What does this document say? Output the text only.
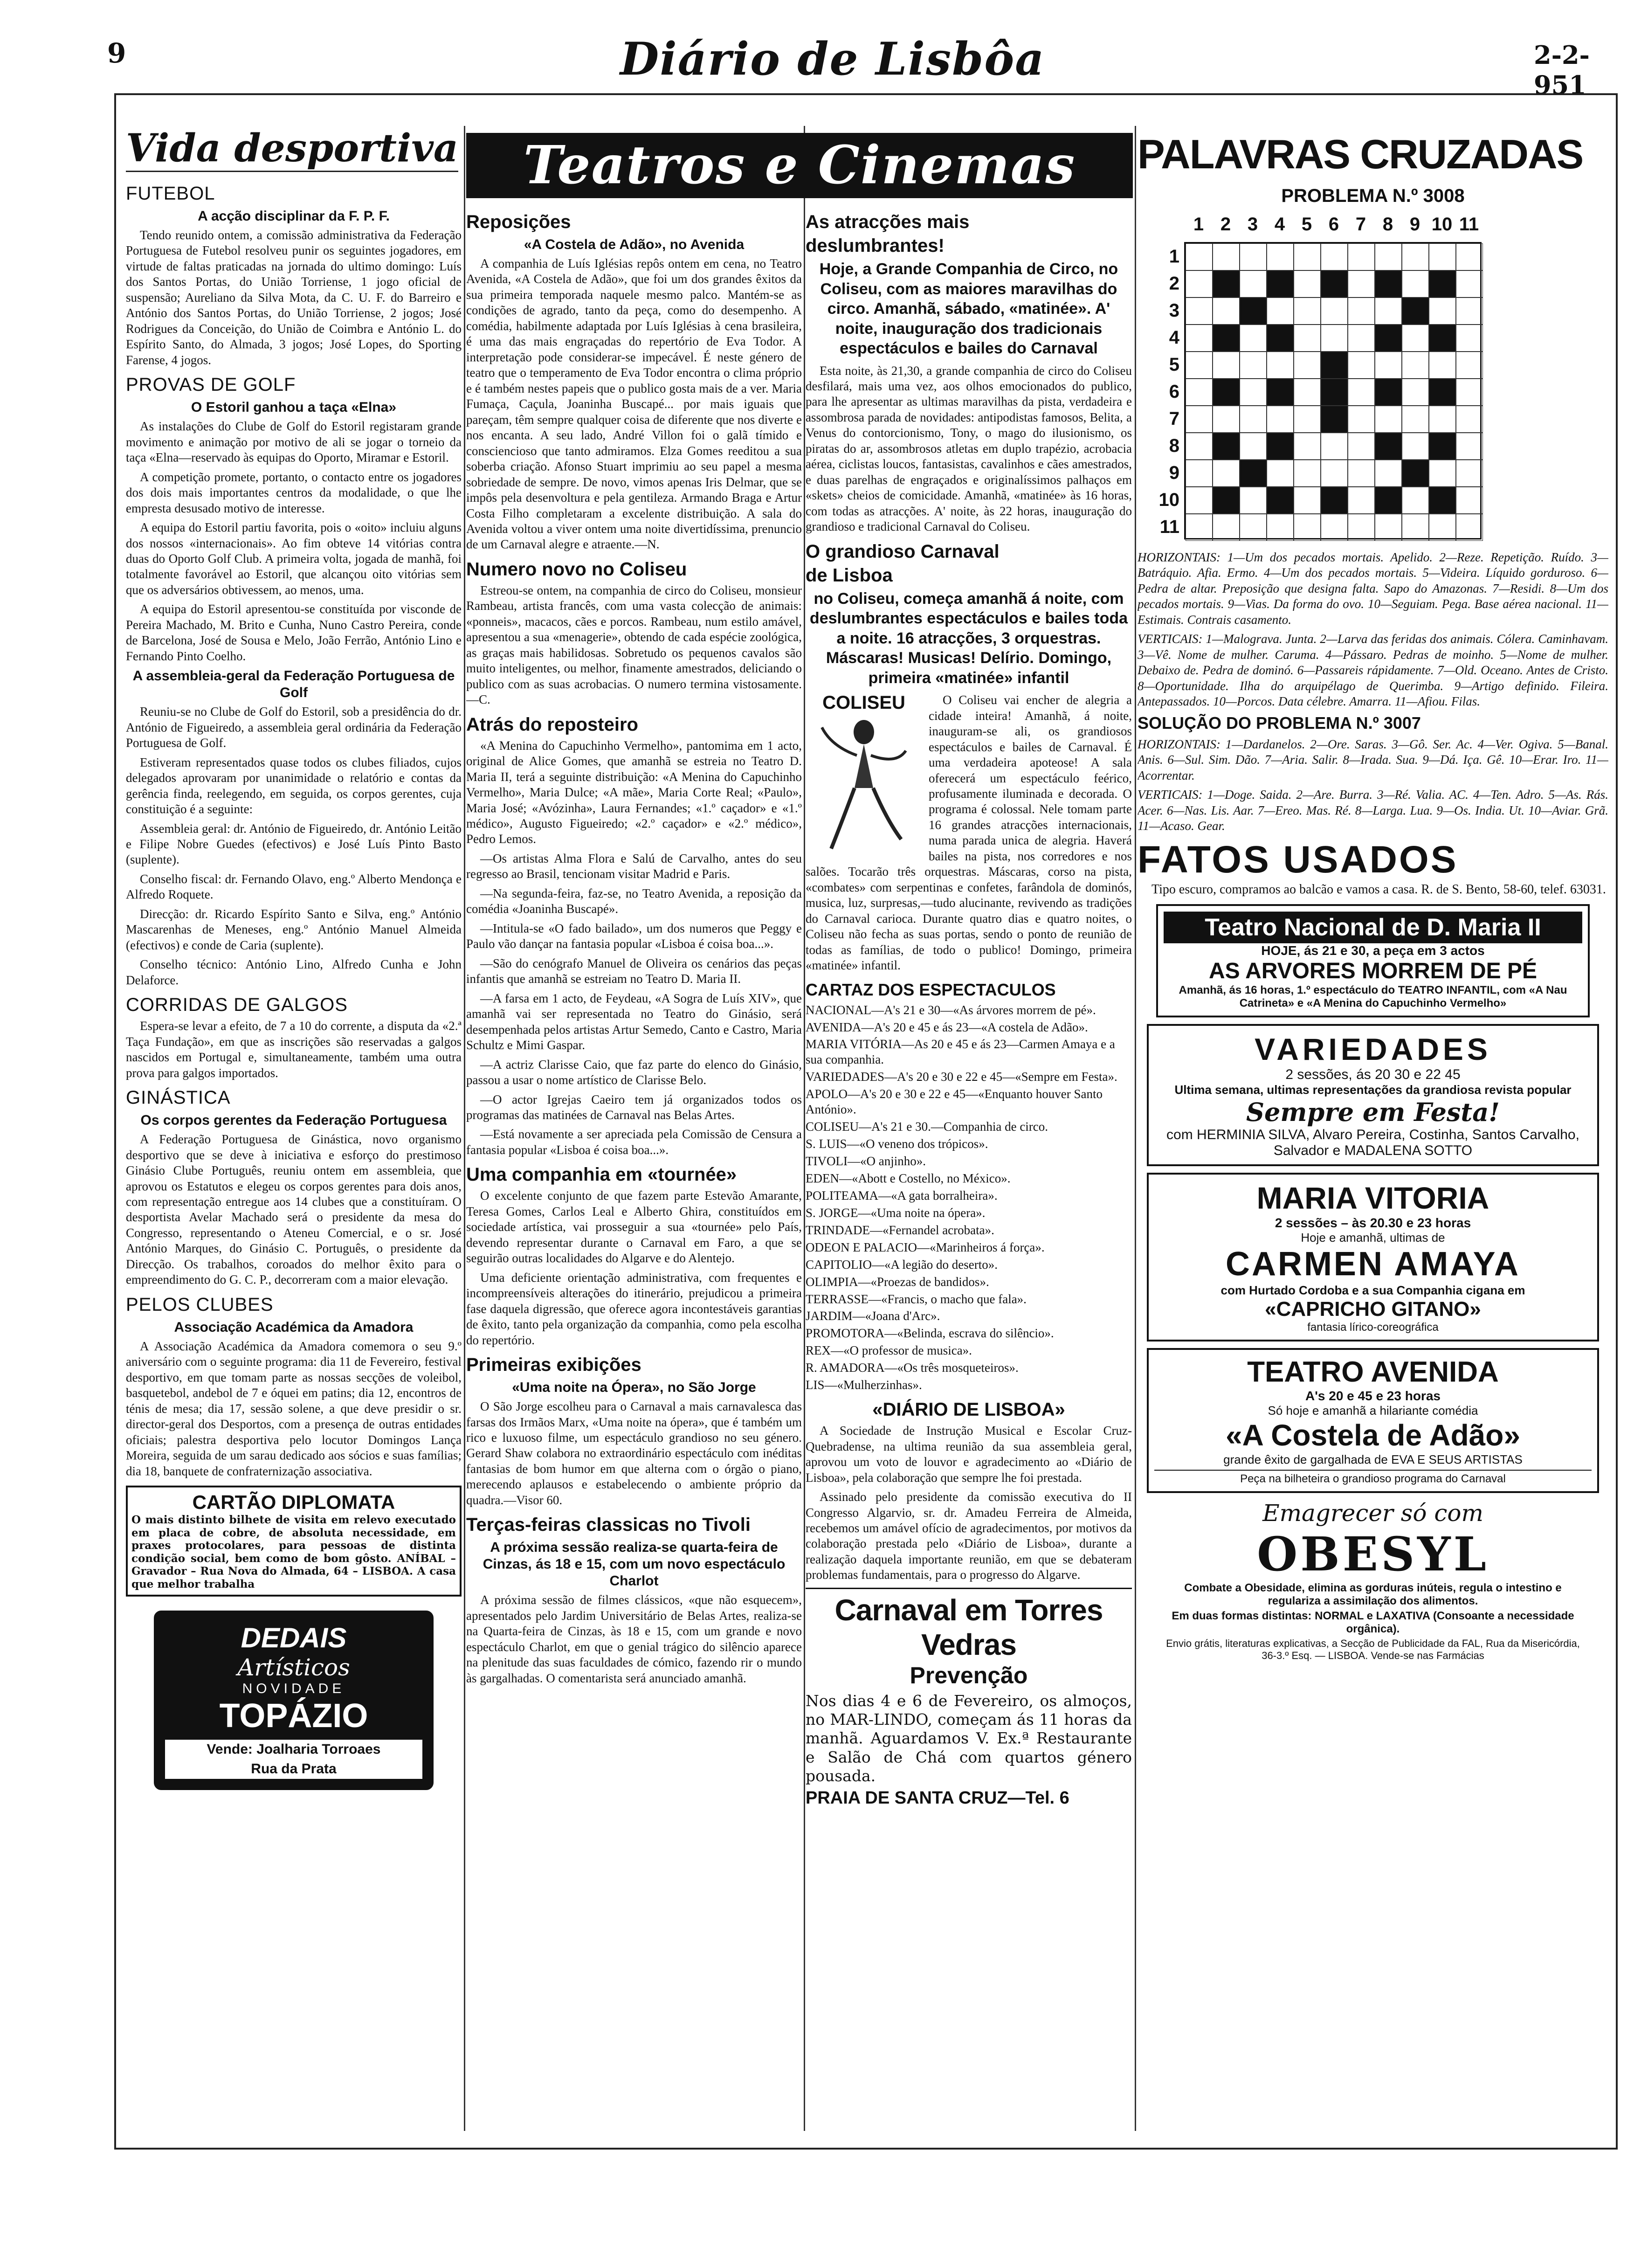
9	Diário de Lisbôa	2-2-951
Vida desportiva
FUTEBOL
A acção disciplinar da F. P. F.

Tendo reunido ontem, a comissão administrativa da Federação Portuguesa de Futebol resolveu punir os seguintes jogadores, em virtude de faltas praticadas na jornada do ultimo domingo: Luís dos Santos Portas, do União Torriense, 1 jogo oficial de suspensão; Aureliano da Silva Mota, da C. U. F. do Barreiro e António dos Santos Portas, do União Torriense, 2 jogos; José Rodrigues da Conceição, do União de Coimbra e António L. do Espírito Santo, do Almada, 3 jogos; José Lopes, do Sporting Farense, 4 jogos.

PROVAS DE GOLF
O Estoril ganhou a taça «Elna»

As instalações do Clube de Golf do Estoril registaram grande movimento e animação por motivo de ali se jogar o torneio da taça «Elna—reservado às equipas do Oporto, Miramar e Estoril.

A competição promete, portanto, o contacto entre os jogadores dos dois mais importantes centros da modalidade, o que lhe empresta desusado motivo de interesse.

A equipa do Estoril partiu favorita, pois o «oito» incluiu alguns dos nossos «internacionais». Ao fim obteve 14 vitórias contra duas do Oporto Golf Club. A primeira volta, jogada de manhã, foi totalmente favorável ao Estoril, que alcançou oito vitórias sem que os adversários obtivessem, ao menos, uma.

A equipa do Estoril apresentou-se constituída por visconde de Pereira Machado, M. Brito e Cunha, Nuno Castro Pereira, conde de Barcelona, José de Sousa e Melo, João Ferrão, António Lino e Fernando Pinto Coelho.

A assembleia-geral da Federação Portuguesa de Golf

Reuniu-se no Clube de Golf do Estoril, sob a presidência do dr. António de Figueiredo, a assembleia geral ordinária da Federação Portuguesa de Golf.

Estiveram representados quase todos os clubes filiados, cujos delegados aprovaram por unanimidade o relatório e contas da gerência finda, reelegendo, em seguida, os corpos gerentes, cuja constituição é a seguinte:

Assembleia geral: dr. António de Figueiredo, dr. António Leitão e Filipe Nobre Guedes (efectivos) e José Luís Pinto Basto (suplente).

Conselho fiscal: dr. Fernando Olavo, eng.º Alberto Mendonça e Alfredo Roquete.

Direcção: dr. Ricardo Espírito Santo e Silva, eng.º António Mascarenhas de Meneses, eng.º António Manuel Almeida (efectivos) e conde de Caria (suplente).

Conselho técnico: António Lino, Alfredo Cunha e John Delaforce.

CORRIDAS DE GALGOS

Espera-se levar a efeito, de 7 a 10 do corrente, a disputa da «2.ª Taça Fundação», em que as inscrições são reservadas a galgos nascidos em Portugal e, simultaneamente, também uma outra prova para galgos importados.

GINÁSTICA
Os corpos gerentes da Federação Portuguesa

A Federação Portuguesa de Ginástica, novo organismo desportivo que se deve à iniciativa e esforço do prestimoso Ginásio Clube Português, reuniu ontem em assembleia, que aprovou os Estatutos e elegeu os corpos gerentes para dois anos, com representação entregue aos 14 clubes que a constituíram. O desportista Avelar Machado será o presidente da mesa do Congresso, representando o Ateneu Comercial, e o sr. José António Marques, do Ginásio C. Português, o presidente da Direcção. Os trabalhos, coroados do melhor êxito para o empreendimento do G. C. P., decorreram com a maior elevação.

PELOS CLUBES
Associação Académica da Amadora

A Associação Académica da Amadora comemora o seu 9.º aniversário com o seguinte programa: dia 11 de Fevereiro, festival desportivo, em que tomam parte as nossas secções de voleibol, basquetebol, andebol de 7 e óquei em patins; dia 12, encontros de ténis de mesa; dia 17, sessão solene, a que deve presidir o sr. director-geral dos Desportos, com a presença de outras entidades oficiais; palestra desportiva pelo locutor Domingos Lança Moreira, seguida de um sarau dedicado aos sócios e suas famílias; dia 18, banquete de confraternização associativa.

CARTÃO DIPLOMATA
O mais distinto bilhete de visita em relevo executado em placa de cobre, de absoluta necessidade, em praxes protocolares, para pessoas de distinta condição social, bem como de bom gôsto. ANÍBAL – Gravador – Rua Nova do Almada, 64 – LISBOA. A casa que melhor trabalha
DEDAIS
Artísticos
NOVIDADE
TOPÁZIO
Vende: Joalharia Torroaes
Rua da Prata
Teatros e Cinemas
Reposições
«A Costela de Adão», no Avenida

A companhia de Luís Iglésias repôs ontem em cena, no Teatro Avenida, «A Costela de Adão», que foi um dos grandes êxitos da sua primeira temporada naquele mesmo palco. Mantém-se as condições de agrado, tanto da peça, como do desempenho. A comédia, habilmente adaptada por Luís Iglésias à cena brasileira, é uma das mais engraçadas do repertório de Eva Todor. A interpretação pode considerar-se impecável. É neste género de teatro que o temperamento de Eva Todor encontra o clima próprio e é também nestes papeis que o publico gosta mais de a ver. Maria Fumaça, Caçula, Joaninha Buscapé... por mais iguais que pareçam, têm sempre qualquer coisa de diferente que nos diverte e nos encanta. A seu lado, André Villon foi o galã tímido e consciencioso que tanto admiramos. Elza Gomes reeditou a sua soberba criação. Afonso Stuart imprimiu ao seu papel a mesma sobriedade de sempre. De novo, vimos apenas Iris Delmar, que se impôs pela desenvoltura e pela gentileza. Armando Braga e Artur Costa Filho completaram a excelente distribuição. A sala do Avenida voltou a viver ontem uma noite divertidíssima, prenuncio de um Carnaval alegre e atraente.—N.

Numero novo no Coliseu

Estreou-se ontem, na companhia de circo do Coliseu, monsieur Rambeau, artista francês, com uma vasta colecção de animais: «ponneis», macacos, cães e porcos. Rambeau, num estilo amável, apresentou a sua «menagerie», obtendo de cada espécie zoológica, as graças mais habilidosas. Sobretudo os pequenos cavalos são muito inteligentes, ou melhor, finamente amestrados, deliciando o publico com as suas acrobacias. O numero termina vistosamente.—C.

Atrás do reposteiro

«A Menina do Capuchinho Vermelho», pantomima em 1 acto, original de Alice Gomes, que amanhã se estreia no Teatro D. Maria II, terá a seguinte distribuição: «A Menina do Capuchinho Vermelho», Maria Dulce; «A mãe», Maria Corte Real; «Paulo», Maria José; «Avózinha», Laura Fernandes; «1.º caçador» e «1.º médico», Augusto Figueiredo; «2.º caçador» e «2.º médico», Pedro Lemos.

—Os artistas Alma Flora e Salú de Carvalho, antes do seu regresso ao Brasil, tencionam visitar Madrid e Paris.

—Na segunda-feira, faz-se, no Teatro Avenida, a reposição da comédia «Joaninha Buscapé».

—Intitula-se «O fado bailado», um dos numeros que Peggy e Paulo vão dançar na fantasia popular «Lisboa é coisa boa...».

—São do cenógrafo Manuel de Oliveira os cenários das peças infantis que amanhã se estreiam no Teatro D. Maria II.

—A farsa em 1 acto, de Feydeau, «A Sogra de Luís XIV», que amanhã vai ser representada no Teatro do Ginásio, será desempenhada pelos artistas Artur Semedo, Canto e Castro, Maria Schultz e Mimi Gaspar.

—A actriz Clarisse Caio, que faz parte do elenco do Ginásio, passou a usar o nome artístico de Clarisse Belo.

—O actor Igrejas Caeiro tem já organizados todos os programas das matinées de Carnaval nas Belas Artes.

—Está novamente a ser apreciada pela Comissão de Censura a fantasia popular «Lisboa é coisa boa...».

Uma companhia em «tournée»

O excelente conjunto de que fazem parte Estevão Amarante, Teresa Gomes, Carlos Leal e Alberto Ghira, constituídos em sociedade artística, vai prosseguir a sua «tournée» pelo País, devendo representar durante o Carnaval em Faro, a que se seguirão outras localidades do Algarve e do Alentejo.

Uma deficiente orientação administrativa, com frequentes e incompreensíveis alterações do itinerário, prejudicou a primeira fase daquela digressão, que oferece agora incontestáveis garantias de êxito, tanto pela organização da companhia, como pela escolha do repertório.

Primeiras exibições
«Uma noite na Ópera», no São Jorge

O São Jorge escolheu para o Carnaval a mais carnavalesca das farsas dos Irmãos Marx, «Uma noite na ópera», que é também um rico e luxuoso filme, um espectáculo grandioso no seu género. Gerard Shaw colabora no extraordinário espectáculo com inéditas fantasias de bom humor em que alterna com o órgão o piano, merecendo aplausos e estabelecendo o ambiente próprio da quadra.—Visor 60.

Terças-feiras classicas no Tivoli
A próxima sessão realiza-se quarta-feira de Cinzas, ás 18 e 15, com um novo espectáculo Charlot

A próxima sessão de filmes clássicos, «que não esquecem», apresentados pelo Jardim Universitário de Belas Artes, realiza-se na Quarta-feira de Cinzas, às 18 e 15, com um grande e novo espectáculo Charlot, em que o genial trágico do silêncio aparece na plenitude das suas faculdades de cómico, fazendo rir o mundo às gargalhadas. O comentarista será anunciado amanhã.

As atracções mais
deslumbrantes!
Hoje, a Grande Companhia de Circo, no Coliseu, com as maiores maravilhas do circo. Amanhã, sábado, «matinée». A' noite, inauguração dos tradicionais espectáculos e bailes do Carnaval

Esta noite, às 21,30, a grande companhia de circo do Coliseu desfilará, mais uma vez, aos olhos emocionados do publico, para lhe apresentar as ultimas maravilhas da pista, verdadeira e assombrosa parada de novidades: antipodistas famosos, Belita, a Venus do contorcionismo, Tony, o mago do ilusionismo, os piratas do ar, assombrosos atletas em duplo trapézio, acrobacia aérea, ciclistas loucos, fantasistas, cavalinhos e cães amestrados, e duas parelhas de engraçados e originalíssimos palhaços em «skets» cheios de comicidade. Amanhã, «matinée» às 16 horas, com todas as atracções. A' noite, às 22 horas, inauguração do grandioso e tradicional Carnaval do Coliseu.

O grandioso Carnaval
de Lisboa
no Coliseu, começa amanhã á noite, com deslumbrantes espectáculos e bailes toda a noite. 16 atracções, 3 orquestras. Máscaras! Musicas! Delírio. Domingo, primeira «matinée» infantil
COLISEU	O Coliseu vai encher de alegria a cidade inteira! Amanhã, á noite, inauguram-se ali, os grandiosos espectáculos e bailes de Carnaval. É uma verdadeira apoteose! A sala oferecerá um espectáculo feérico, profusamente iluminada e decorada. O programa é colossal. Nele tomam parte 16 grandes atracções internacionais, numa parada unica de alegria. Haverá bailes na pista, nos corredores e nos salões. Tocarão três orquestras. Máscaras, corso na pista, «combates» com serpentinas e confetes, farândola de dominós, musica, luz, surpresas,—tudo alucinante, revivendo as tradições do Carnaval carioca. Durante quatro dias e quatro noites, o Coliseu não fecha as suas portas, sendo o ponto de reunião de todas as famílias, de todo o publico! Domingo, primeira «matinée» infantil.

CARTAZ DOS ESPECTACULOS

NACIONAL—A's 21 e 30—«As árvores morrem de pé».

AVENIDA—A's 20 e 45 e ás 23—«A costela de Adão».

MARIA VITÓRIA—As 20 e 45 e ás 23—Carmen Amaya e a sua companhia.

VARIEDADES—A's 20 e 30 e 22 e 45—«Sempre em Festa».

APOLO—A's 20 e 30 e 22 e 45—«Enquanto houver Santo António».

COLISEU—A's 21 e 30.—Companhia de circo.

S. LUIS—«O veneno dos trópicos».

TIVOLI—«O anjinho».

EDEN—«Abott e Costello, no México».

POLITEAMA—«A gata borralheira».

S. JORGE—«Uma noite na ópera».

TRINDADE—«Fernandel acrobata».

ODEON E PALACIO—«Marinheiros á força».

CAPITOLIO—«A legião do deserto».

OLIMPIA—«Proezas de bandidos».

TERRASSE—«Francis, o macho que fala».

JARDIM—«Joana d'Arc».

PROMOTORA—«Belinda, escrava do silêncio».

REX—«O professor de musica».

R. AMADORA—«Os três mosqueteiros».

LIS—«Mulherzinhas».

«DIÁRIO DE LISBOA»

A Sociedade de Instrução Musical e Escolar Cruz-Quebradense, na ultima reunião da sua assembleia geral, aprovou um voto de louvor e agradecimento ao «Diário de Lisboa», pela colaboração que sempre lhe foi prestada.

Assinado pelo presidente da comissão executiva do II Congresso Algarvio, sr. dr. Amadeu Ferreira de Almeida, recebemos um amável ofício de agradecimentos, por motivos da colaboração prestada pelo «Diário de Lisboa», durante a realização daquela importante reunião, em que se debateram problemas fundamentais, para o progresso do Algarve.

Carnaval em Torres Vedras
Prevenção

Nos dias 4 e 6 de Fevereiro, os almoços, no MAR-LINDO, começam ás 11 horas da manhã. Aguardamos V. Ex.ª Restaurante e Salão de Chá com quartos género pousada.

PRAIA DE SANTA CRUZ—Tel. 6
PALAVRAS CRUZADAS
PROBLEMA N.º 3008
1 2 3 4 5 6 7 8 9 10 11
1
2
3
4
5
6
7
8
9
10
11

HORIZONTAIS: 1—Um dos pecados mortais. Apelido. 2—Reze. Repetição. Ruído. 3—Batráquio. Afia. Ermo. 4—Um dos pecados mortais. 5—Videira. Líquido gorduroso. 6—Pedra de altar. Preposição que designa falta. Sapo do Amazonas. 7—Residi. 8—Um dos pecados mortais. 9—Vias. Da forma do ovo. 10—Seguiam. Pega. Base aérea nacional. 11—Estimais. Contrais casamento.

VERTICAIS: 1—Malograva. Junta. 2—Larva das feridas dos animais. Cólera. Caminhavam. 3—Vê. Nome de mulher. Caruma. 4—Pássaro. Pedras de moinho. 5—Nome de mulher. Debaixo de. Pedra de dominó. 6—Passareis rápidamente. 7—Old. Oceano. Antes de Cristo. 8—Oportunidade. Ilha do arquipélago de Querimba. 9—Artigo definido. Fileira. Antepassados. 10—Porcos. Data célebre. Amarra. 11—Afiou. Filas.

SOLUÇÃO DO PROBLEMA N.º 3007

HORIZONTAIS: 1—Dardanelos. 2—Ore. Saras. 3—Gô. Ser. Ac. 4—Ver. Ogiva. 5—Banal. Anis. 6—Sul. Sim. Dão. 7—Aria. Salir. 8—Irada. Sua. 9—Dá. Iça. Gê. 10—Erar. Iro. 11—Acorrentar.

VERTICAIS: 1—Doge. Saida. 2—Are. Burra. 3—Ré. Valia. AC. 4—Ten. Adro. 5—As. Rás. Acer. 6—Nas. Lis. Aar. 7—Ereo. Mas. Ré. 8—Larga. Lua. 9—Os. India. Ut. 10—Aviar. Grã. 11—Acaso. Gear.

FATOS USADOS

Tipo escuro, compramos ao balcão e vamos a casa. R. de S. Bento, 58-60, telef. 63031.

Teatro Nacional de D. Maria II
HOJE, ás 21 e 30, a peça em 3 actos
AS ARVORES MORREM DE PÉ
Amanhã, ás 16 horas, 1.º espectáculo do TEATRO INFANTIL, com «A Nau Catrineta» e «A Menina do Capuchinho Vermelho»
VARIEDADES
2 sessões, ás 20 30 e 22 45
Ultima semana, ultimas representações da grandiosa revista popular
Sempre em Festa!
com HERMINIA SILVA, Alvaro Pereira, Costinha, Santos Carvalho, Salvador e MADALENA SOTTO
MARIA VITORIA
2 sessões – às 20.30 e 23 horas
Hoje e amanhã, ultimas de
CARMEN AMAYA
com Hurtado Cordoba e a sua Companhia cigana em
«CAPRICHO GITANO»
fantasia lírico-coreográfica
TEATRO AVENIDA
A's 20 e 45 e 23 horas
Só hoje e amanhã a hilariante comédia
«A Costela de Adão»
grande êxito de gargalhada de EVA E SEUS ARTISTAS
Peça na bilheteira o grandioso programa do Carnaval
Emagrecer só com
OBESYL
Combate a Obesidade, elimina as gorduras inúteis, regula o intestino e regulariza a assimilação dos alimentos.
Em duas formas distintas: NORMAL e LAXATIVA (Consoante a necessidade orgânica).
Envio grátis, literaturas explicativas, a Secção de Publicidade da FAL, Rua da Misericórdia, 36-3.º Esq. — LISBOA. Vende-se nas Farmácias
